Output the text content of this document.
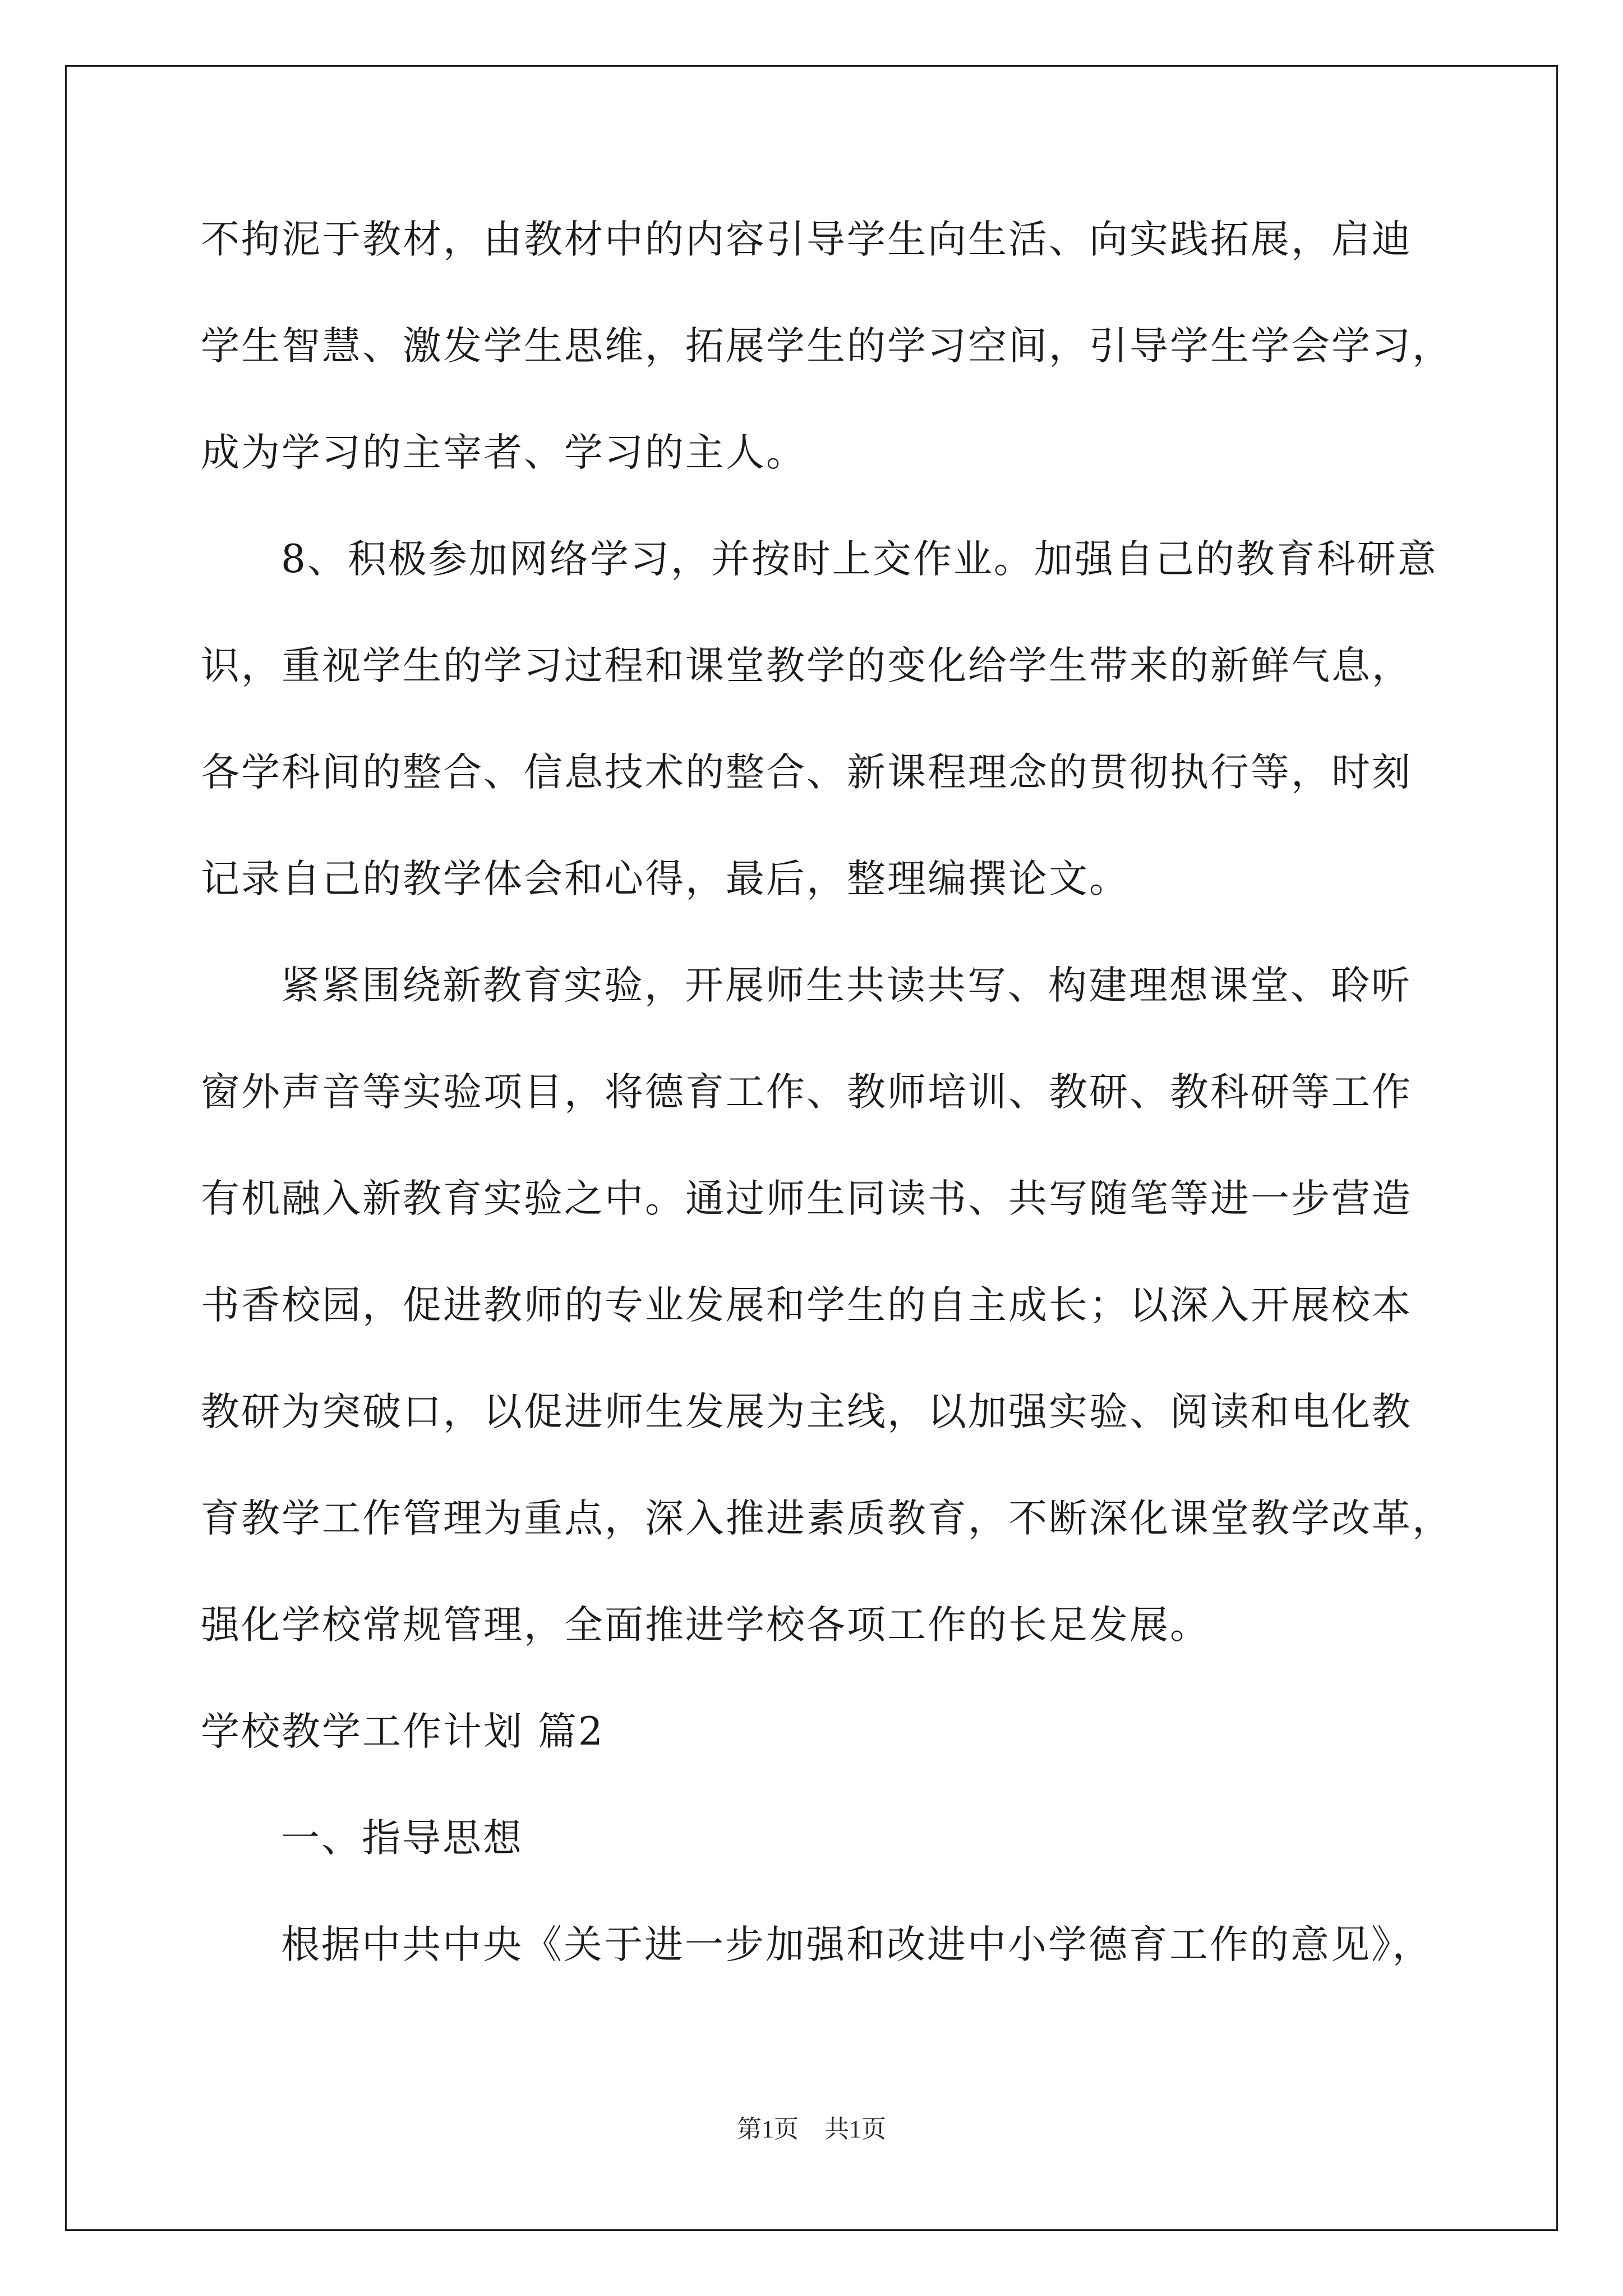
不拘泥于教材，由教材中的内容引导学生向生活、向实践拓展，启迪
学生智慧、激发学生思维，拓展学生的学习空间，引导学生学会学习，
成为学习的主宰者、学习的主人。
8、积极参加网络学习，并按时上交作业。加强自己的教育科研意
识，重视学生的学习过程和课堂教学的变化给学生带来的新鲜气息，
各学科间的整合、信息技术的整合、新课程理念的贯彻执行等，时刻
记录自己的教学体会和心得，最后，整理编撰论文。
紧紧围绕新教育实验，开展师生共读共写、构建理想课堂、聆听
窗外声音等实验项目，将德育工作、教师培训、教研、教科研等工作
有机融入新教育实验之中。通过师生同读书、共写随笔等进一步营造
书香校园，促进教师的专业发展和学生的自主成长；以深入开展校本
教研为突破口，以促进师生发展为主线，以加强实验、阅读和电化教
育教学工作管理为重点，深入推进素质教育，不断深化课堂教学改革，
强化学校常规管理，全面推进学校各项工作的长足发展。
学校教学工作计划 篇2
一、指导思想
根据中共中央《关于进一步加强和改进中小学德育工作的意见》，
第1页 共1页
